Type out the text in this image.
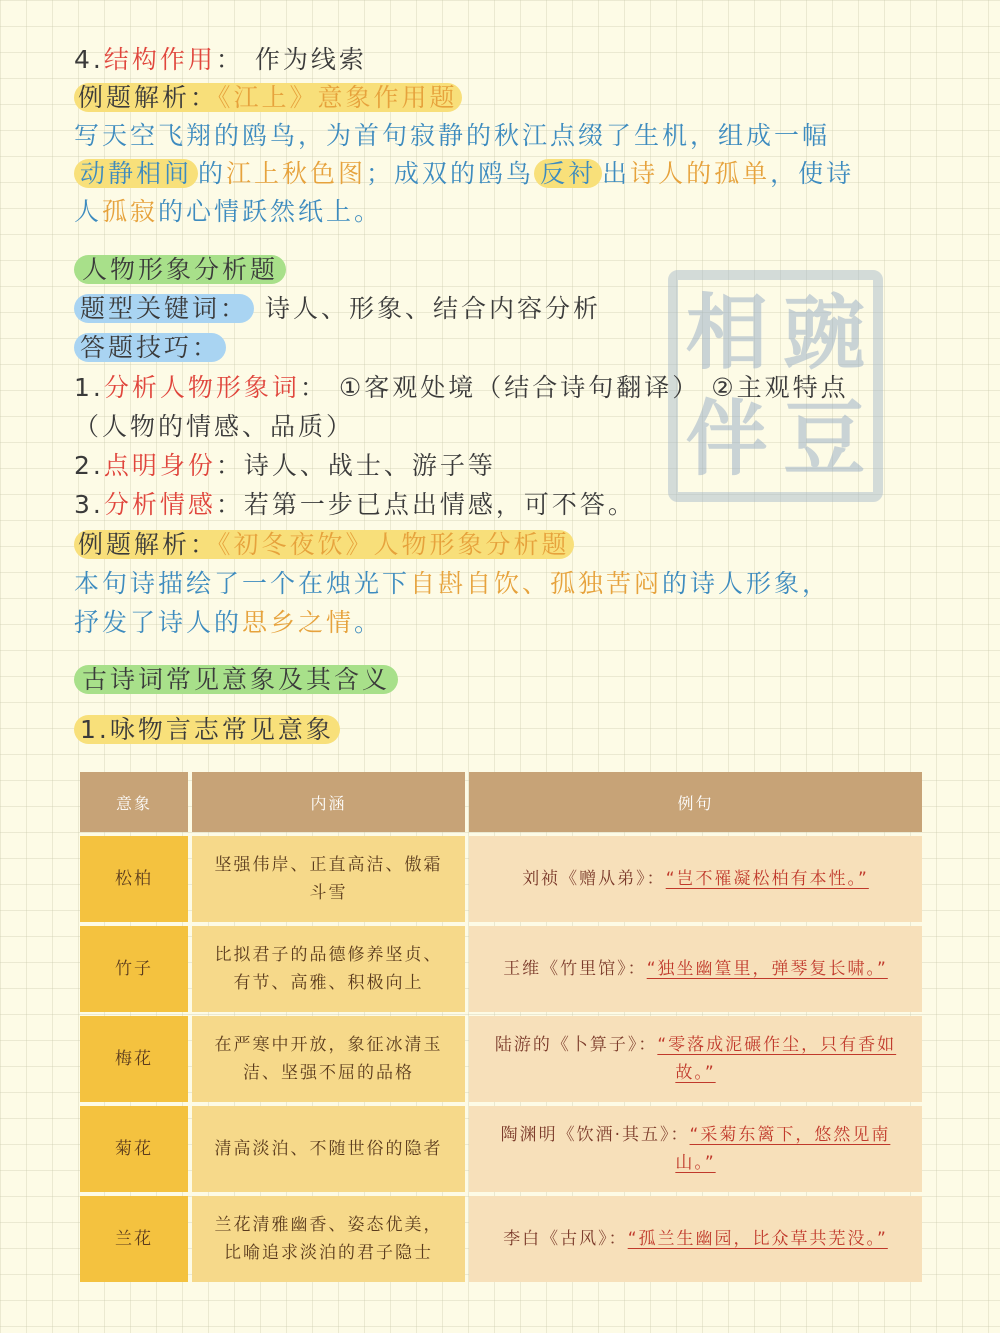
4.结构作用： 作为线索
例题解析：《江上》意象作用题
写天空飞翔的鸥鸟，为首句寂静的秋江点缀了生机，组成一幅
动静相间 的江上秋色图；成双的鸥鸟 反衬 出诗人的孤单，使诗
人孤寂的心情跃然纸上。
相 豌
伴 豆
人物形象分析题
题型关键词： 诗人、形象、结合内容分析
答题技巧：
1.分析人物形象词： ①客观处境（结合诗句翻译） ②主观特点
（人物的情感、品质）
2.点明身份：诗人、战士、游子等
3.分析情感：若第一步已点出情感，可不答。
例题解析：《初冬夜饮》人物形象分析题
本句诗描绘了一个在烛光下自斟自饮、孤独苦闷的诗人形象，
抒发了诗人的思乡之情。
古诗词常见意象及其含义
1.咏物言志常见意象
意象	内涵	例句
松柏	坚强伟岸、正直高洁、傲霜斗雪	刘祯《赠从弟》：“岂不罹凝松柏有本性。”
竹子	比拟君子的品德修养坚贞、有节、高雅、积极向上	王维《竹里馆》：“独坐幽篁里，弹琴复长啸。”
梅花	在严寒中开放，象征冰清玉洁、坚强不屈的品格	陆游的《卜算子》：“零落成泥碾作尘，只有香如故。”
菊花	清高淡泊、不随世俗的隐者	陶渊明《饮酒·其五》：“采菊东篱下，悠然见南山。”
兰花	兰花清雅幽香、姿态优美，比喻追求淡泊的君子隐士	李白《古风》：“孤兰生幽园，比众草共芜没。”
